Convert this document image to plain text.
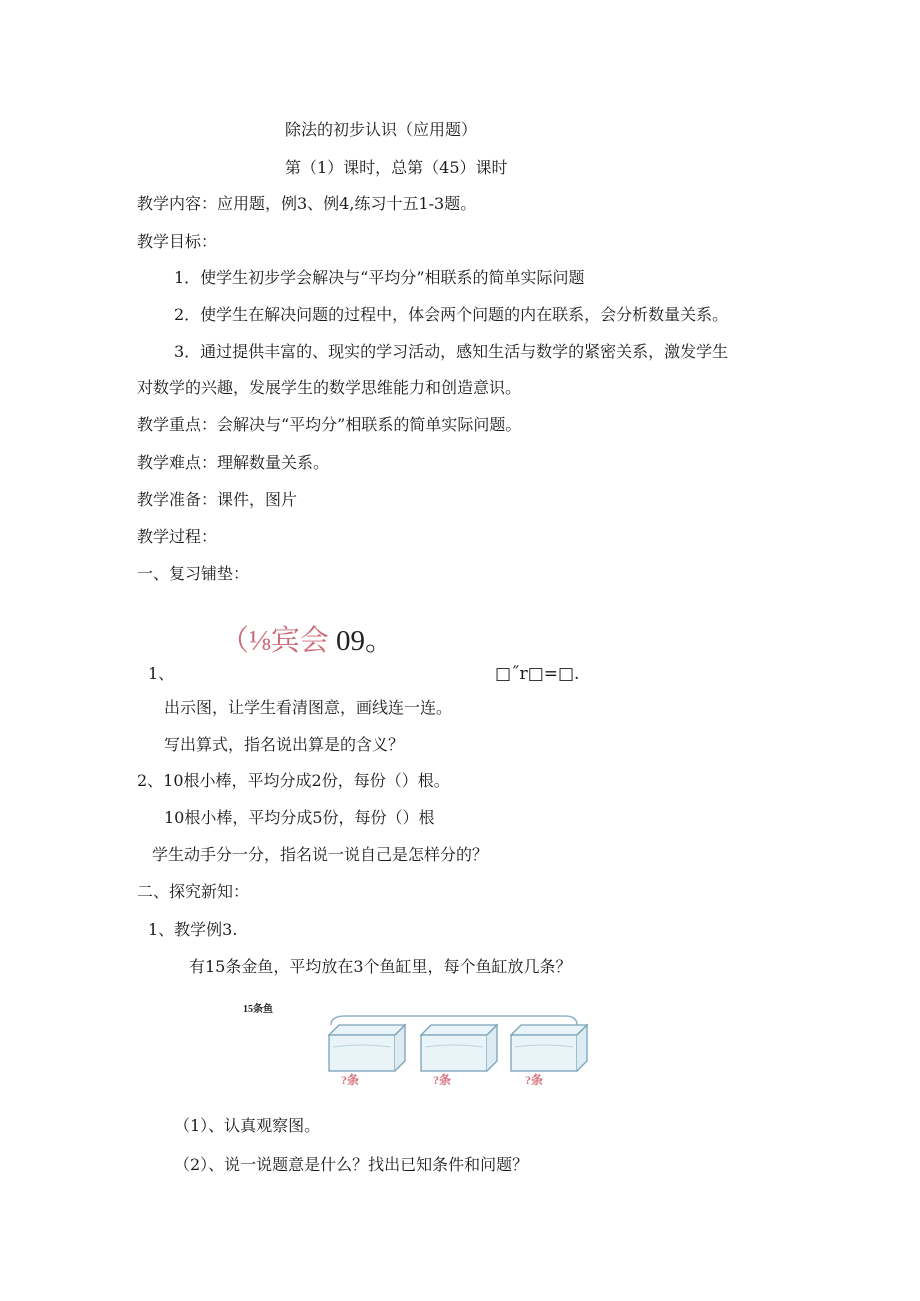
除法的初步认识（应用题）
第（1）课时，总第（45）课时
教学内容：应用题，例3、例4,练习十五1-3题。
教学目标：
1．使学生初步学会解决与“平均分”相联系的简单实际问题
2．使学生在解决问题的过程中，体会两个问题的内在联系，会分析数量关系。
3．通过提供丰富的、现实的学习活动，感知生活与数学的紧密关系，激发学生
对数学的兴趣，发展学生的数学思维能力和创造意识。
教学重点：会解决与“平均分”相联系的简单实际问题。
教学难点：理解数量关系。
教学准备：课件，图片
教学过程：
一、复习铺垫：
（⅛宾会 09。
1、	□˝r□=□.
出示图，让学生看清图意，画线连一连。
写出算式，指名说出算是的含义？
2、10根小棒，平均分成2份，每份（）根。
10根小棒，平均分成5份，每份（）根
学生动手分一分，指名说一说自己是怎样分的？
二、探究新知：
1、教学例3.
有15条金鱼，平均放在3个鱼缸里，每个鱼缸放几条？
15条鱼
?条	?条	?条
（1）、认真观察图。
（2）、说一说题意是什么？找出已知条件和问题？
